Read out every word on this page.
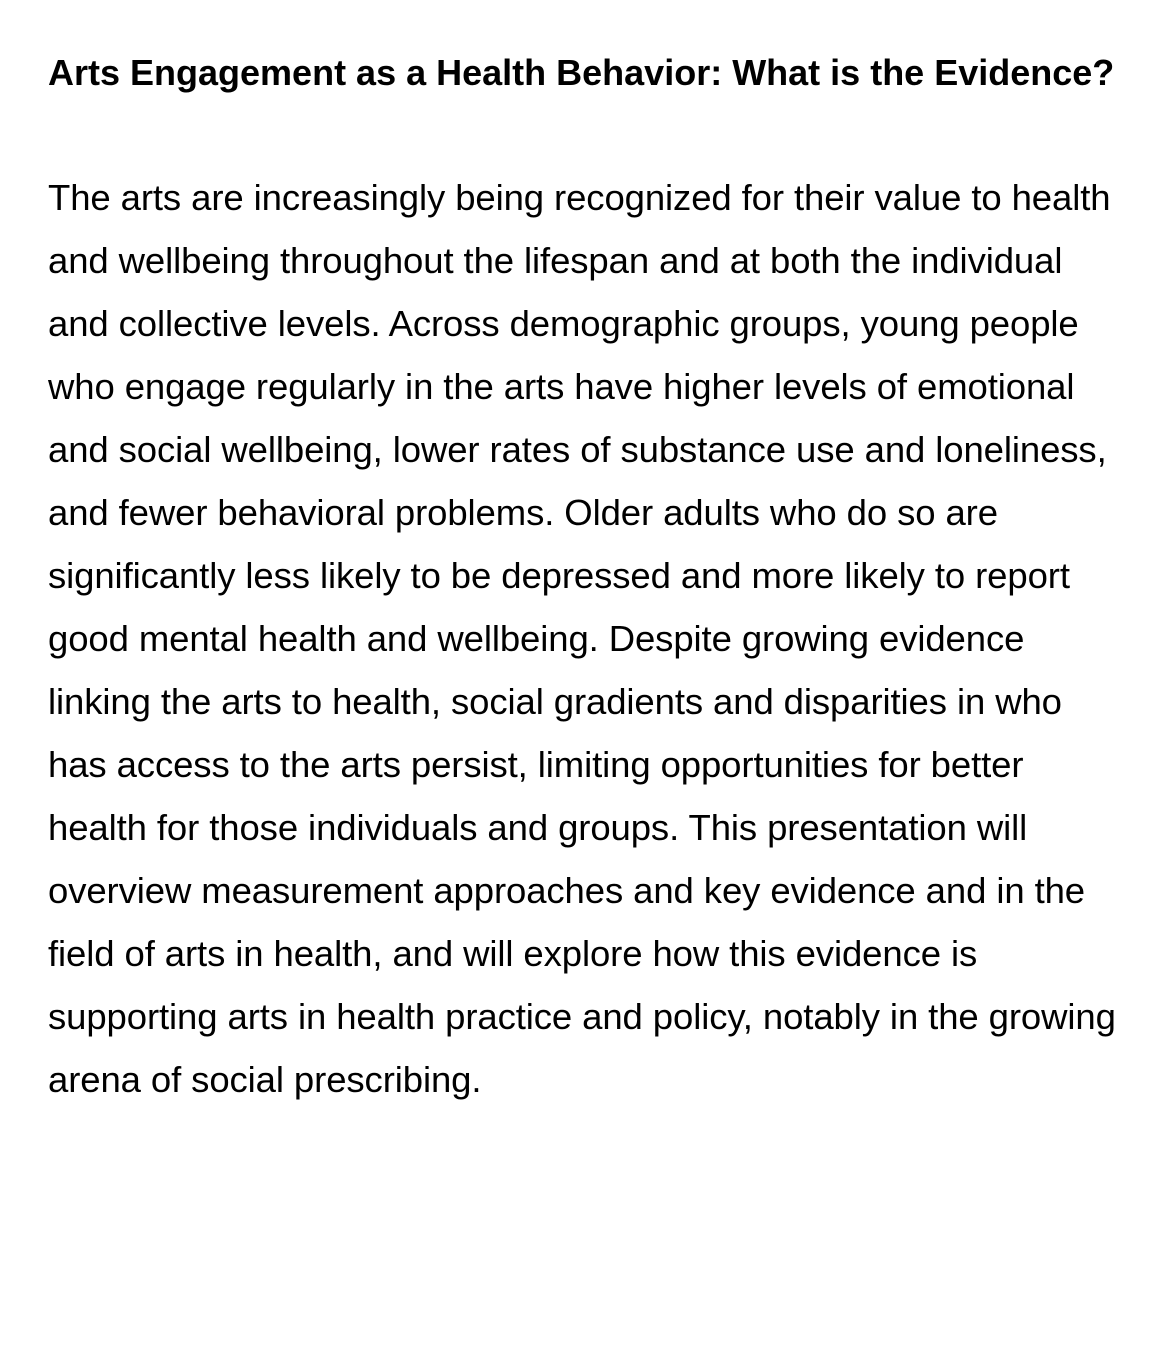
Arts Engagement as a Health Behavior: What is the Evidence?

The arts are increasingly being recognized for their value to health and wellbeing throughout the lifespan and at both the individual and collective levels. Across demographic groups, young people who engage regularly in the arts have higher levels of emotional and social wellbeing, lower rates of substance use and loneliness, and fewer behavioral problems. Older adults who do so are significantly less likely to be depressed and more likely to report good mental health and wellbeing. Despite growing evidence linking the arts to health, social gradients and disparities in who has access to the arts persist, limiting opportunities for better health for those individuals and groups. This presentation will overview measurement approaches and key evidence and in the field of arts in health, and will explore how this evidence is supporting arts in health practice and policy, notably in the growing arena of social prescribing.
